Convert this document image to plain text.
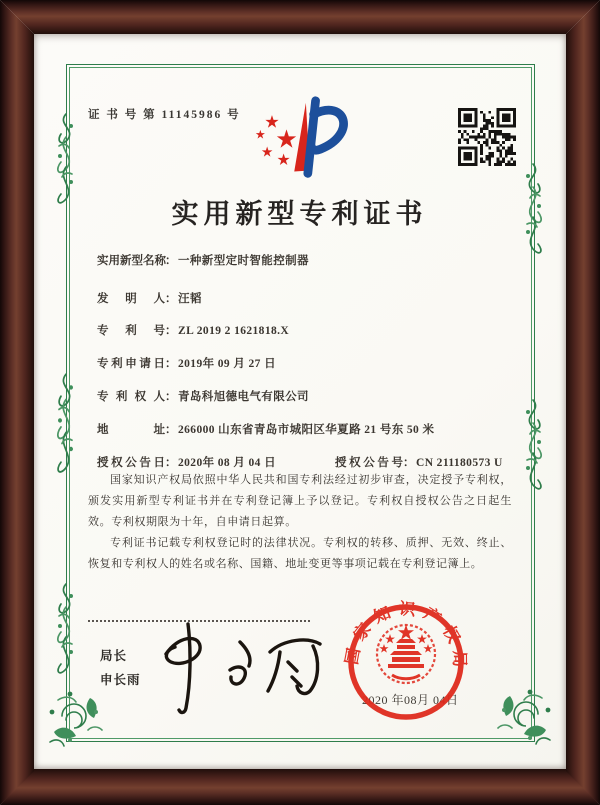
证 书 号 第 11145986 号
实用新型专利证书
实用新型名称： 一种新型定时智能控制器
发明人： 汪韬
专利号： ZL 2019 2 1621818.X
专利申请日： 2019年 09 月 27 日
专利权人： 青岛科旭德电气有限公司
地址： 266000 山东省青岛市城阳区华夏路 21 号东 50 米
授权公告日： 2020年 08 月 04 日	授权公告号： CN 211180573 U

国家知识产权局依照中华人民共和国专利法经过初步审查，决定授予专利权，颁发实用新型专利证书并在专利登记簿上予以登记。专利权自授权公告之日起生效。专利权期限为十年，自申请日起算。

专利证书记载专利权登记时的法律状况。专利权的转移、质押、无效、终止、恢复和专利权人的姓名或名称、国籍、地址变更等事项记载在专利登记簿上。

局长
申长雨
2020 年08月 04日
国家知识产权局
